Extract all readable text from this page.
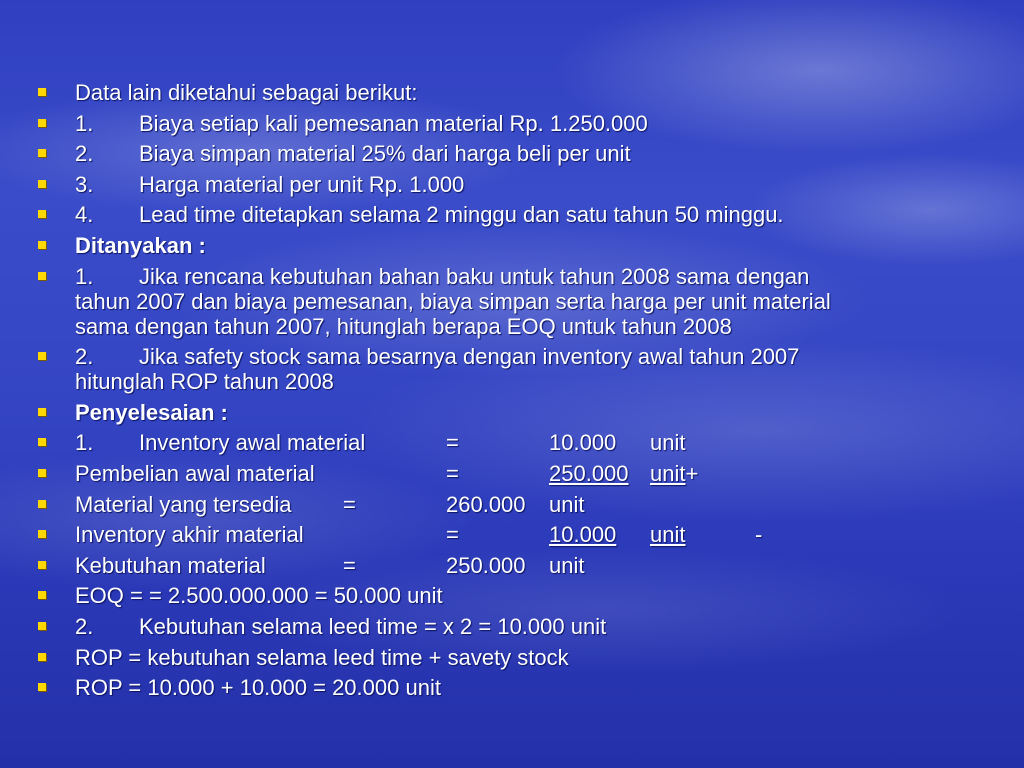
Data lain diketahui sebagai berikut:
1. Biaya setiap kali pemesanan material Rp. 1.250.000
2. Biaya simpan material 25% dari harga beli per unit
3. Harga material per unit Rp. 1.000
4. Lead time ditetapkan selama 2 minggu dan satu tahun 50 minggu.
Ditanyakan :
1. Jika rencana kebutuhan bahan baku untuk tahun 2008 sama dengan
tahun 2007 dan biaya pemesanan, biaya simpan serta harga per unit material
sama dengan tahun 2007, hitunglah berapa EOQ untuk tahun 2008
2. Jika safety stock sama besarnya dengan inventory awal tahun 2007
hitunglah ROP tahun 2008
Penyelesaian :
1. Inventory awal material	=	10.000 unit
Pembelian awal material	=	250.000 unit+
Material yang tersedia =	260.000 unit
Inventory akhir material	=	10.000 unit	-
Kebutuhan material	=	250.000 unit
EOQ = = 2.500.000.000 = 50.000 unit
2. Kebutuhan selama leed time = x 2 = 10.000 unit
ROP = kebutuhan selama leed time + savety stock
ROP = 10.000 + 10.000 = 20.000 unit
